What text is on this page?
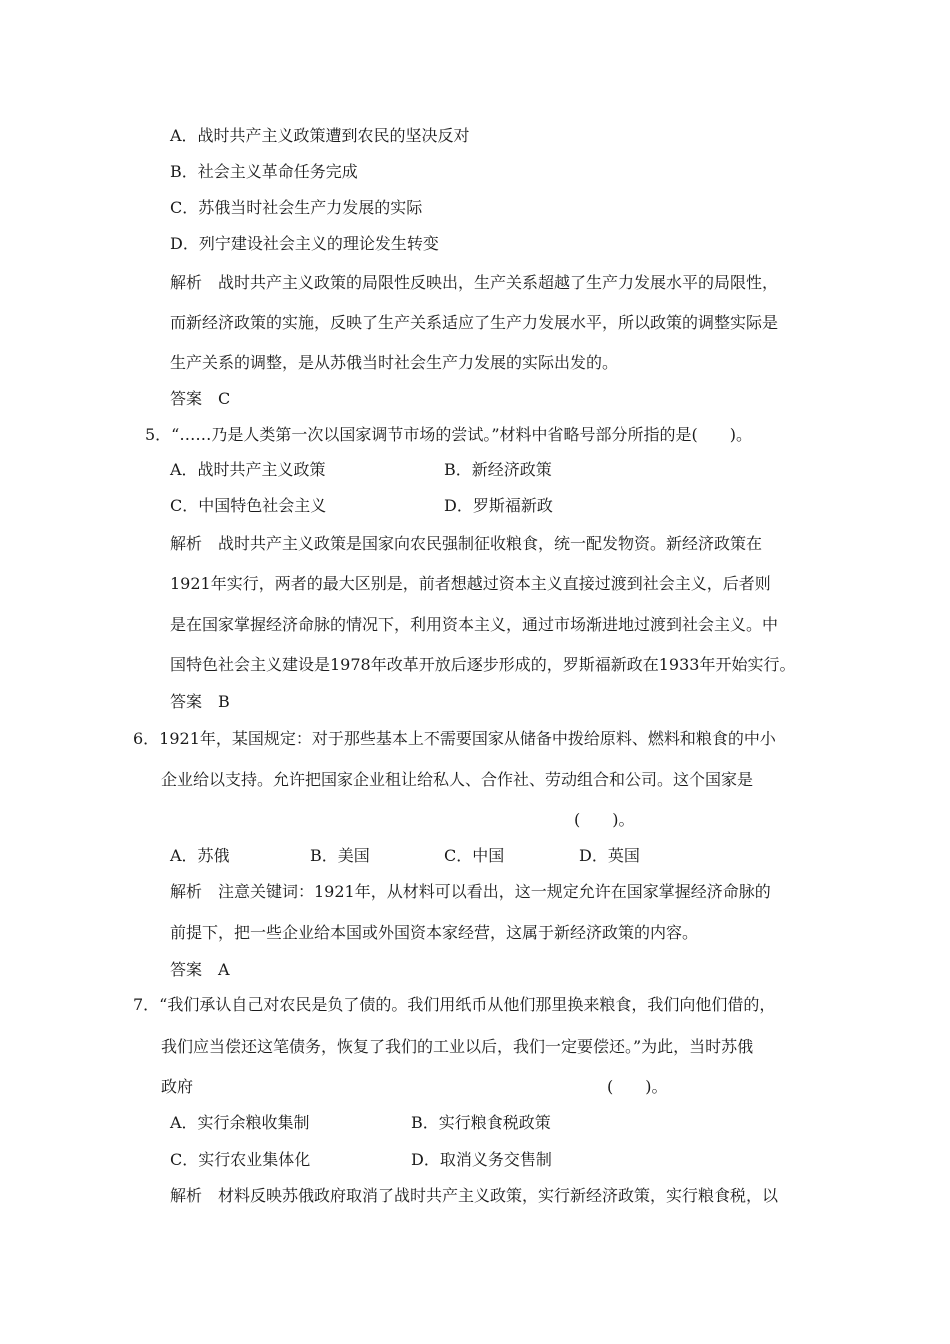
A．战时共产主义政策遭到农民的坚决反对
B．社会主义革命任务完成
C．苏俄当时社会生产力发展的实际
D．列宁建设社会主义的理论发生转变
解析　战时共产主义政策的局限性反映出，生产关系超越了生产力发展水平的局限性，
而新经济政策的实施，反映了生产关系适应了生产力发展水平，所以政策的调整实际是
生产关系的调整，是从苏俄当时社会生产力发展的实际出发的。
答案　C
5．“……乃是人类第一次以国家调节市场的尝试。”材料中省略号部分所指的是(　　)。
A．战时共产主义政策	B．新经济政策
C．中国特色社会主义	D．罗斯福新政
解析　战时共产主义政策是国家向农民强制征收粮食，统一配发物资。新经济政策在
1921年实行，两者的最大区别是，前者想越过资本主义直接过渡到社会主义，后者则
是在国家掌握经济命脉的情况下，利用资本主义，通过市场渐进地过渡到社会主义。中
国特色社会主义建设是1978年改革开放后逐步形成的，罗斯福新政在1933年开始实行。
答案　B
6．1921年，某国规定：对于那些基本上不需要国家从储备中拨给原料、燃料和粮食的中小
企业给以支持。允许把国家企业租让给私人、合作社、劳动组合和公司。这个国家是
(　　)。
A．苏俄	B．美国	C．中国	D．英国
解析　注意关键词：1921年，从材料可以看出，这一规定允许在国家掌握经济命脉的
前提下，把一些企业给本国或外国资本家经营，这属于新经济政策的内容。
答案　A
7．“我们承认自己对农民是负了债的。我们用纸币从他们那里换来粮食，我们向他们借的，
我们应当偿还这笔债务，恢复了我们的工业以后，我们一定要偿还。”为此，当时苏俄
政府	(　　)。
A．实行余粮收集制	B．实行粮食税政策
C．实行农业集体化	D．取消义务交售制
解析　材料反映苏俄政府取消了战时共产主义政策，实行新经济政策，实行粮食税，以
